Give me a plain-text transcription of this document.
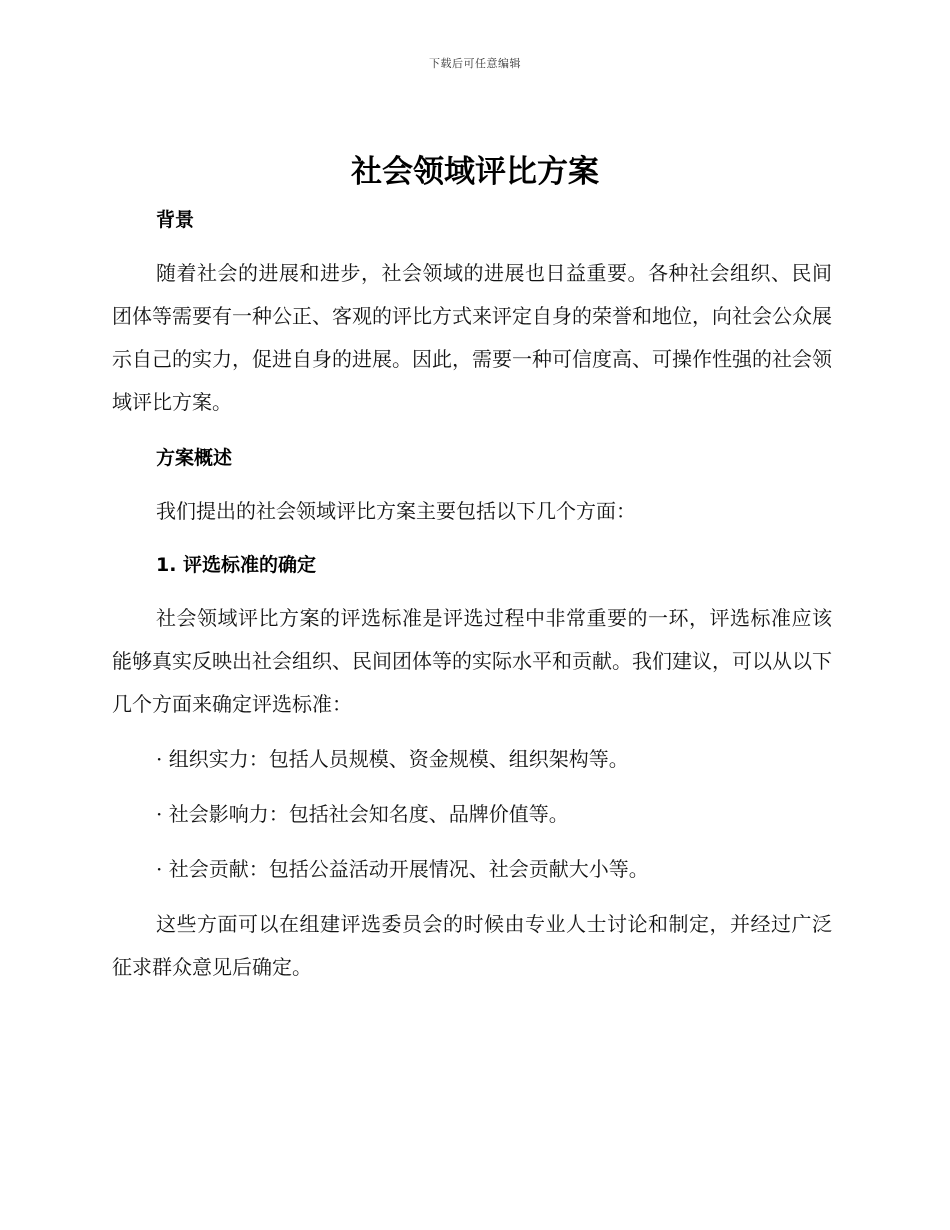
下载后可任意编辑
社会领域评比方案

背景

随着社会的进展和进步，社会领域的进展也日益重要。各种社会组织、民间团体等需要有一种公正、客观的评比方式来评定自身的荣誉和地位，向社会公众展示自己的实力，促进自身的进展。因此，需要一种可信度高、可操作性强的社会领域评比方案。

方案概述

我们提出的社会领域评比方案主要包括以下几个方面：

1. 评选标准的确定

社会领域评比方案的评选标准是评选过程中非常重要的一环，评选标准应该能够真实反映出社会组织、民间团体等的实际水平和贡献。我们建议，可以从以下几个方面来确定评选标准：

· 组织实力：包括人员规模、资金规模、组织架构等。

· 社会影响力：包括社会知名度、品牌价值等。

· 社会贡献：包括公益活动开展情况、社会贡献大小等。

这些方面可以在组建评选委员会的时候由专业人士讨论和制定，并经过广泛征求群众意见后确定。
